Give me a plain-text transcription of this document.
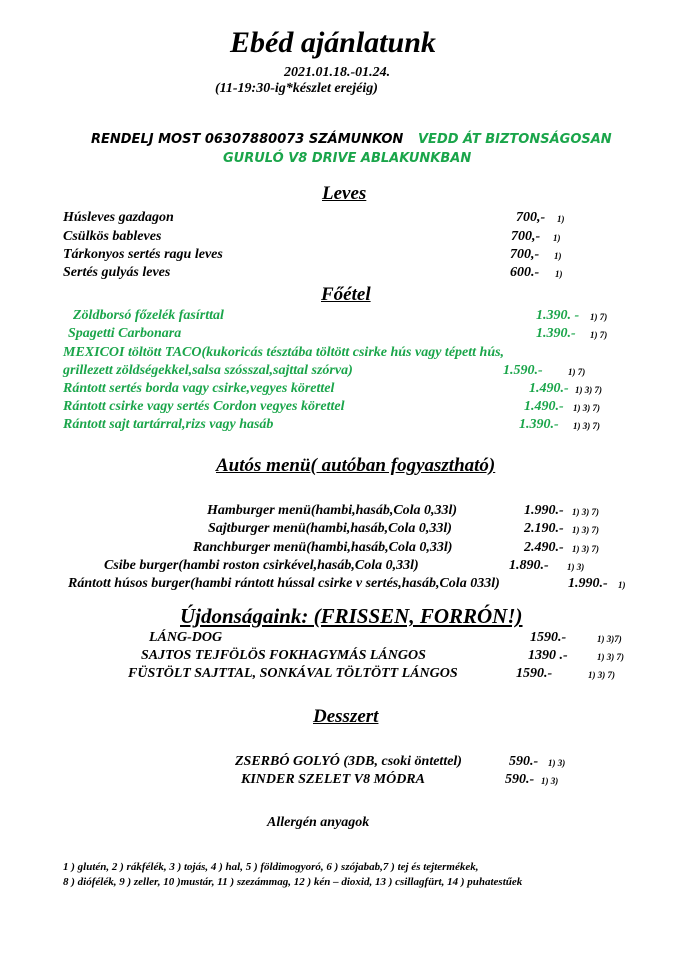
Ebéd ajánlatunk
2021.01.18.-01.24.
(11-19:30-ig*készlet erejéig)
RENDELJ MOST 06307880073 SZÁMUNKON VEDD ÁT BIZTONSÁGOSAN
GURULÓ V8 DRIVE ABLAKUNKBAN
Leves
Húsleves gazdagon	700,- 1)
Csülkös bableves	700,- 1)
Tárkonyos sertés ragu leves	700,- 1)
Sertés gulyás leves	600.- 1)
Főétel
Zöldborsó főzelék fasírttal	1.390. - 1) 7)
Spagetti Carbonara	1.390.- 1) 7)
MEXICOI töltött TACO(kukoricás tésztába töltött csirke hús vagy tépett hús,
grillezett zöldségekkel,salsa szósszal,sajttal szórva)	1.590.-	1) 7)
Rántott sertés borda vagy csirke,vegyes körettel	1.490.- 1) 3) 7)
Rántott csirke vagy sertés Cordon vegyes körettel	1.490.- 1) 3) 7)
Rántott sajt tartárral,rizs vagy hasáb	1.390.- 1) 3) 7)
Autós menü( autóban fogyasztható)
Hamburger menü(hambi,hasáb,Cola 0,33l)	1.990.- 1) 3) 7)
Sajtburger menü(hambi,hasáb,Cola 0,33l)	2.190.- 1) 3) 7)
Ranchburger menü(hambi,hasáb,Cola 0,33l)	2.490.- 1) 3) 7)
Csibe burger(hambi roston csirkével,hasáb,Cola 0,33l)	1.890.- 1) 3)
Rántott húsos burger(hambi rántott hússal csirke v sertés,hasáb,Cola 033l)	1.990.- 1)
Újdonságaink: (FRISSEN, FORRÓN!)
LÁNG-DOG	1590.-	1) 3)7)
SAJTOS TEJFÖLÖS FOKHAGYMÁS LÁNGOS	1390 .-	1) 3) 7)
FÜSTÖLT SAJTTAL, SONKÁVAL TÖLTÖTT LÁNGOS	1590.-	1) 3) 7)
Desszert
ZSERBÓ GOLYÓ (3DB, csoki öntettel)	590.- 1) 3)
KINDER SZELET V8 MÓDRA	590.- 1) 3)
Allergén anyagok
1 ) glutén, 2 ) rákfélék, 3 ) tojás, 4 ) hal, 5 ) földimogyoró, 6 ) szójabab,7 ) tej és tejtermékek,
8 ) diófélék, 9 ) zeller, 10 )mustár, 11 ) szezámmag, 12 ) kén – dioxid, 13 ) csillagfürt, 14 ) puhatestűek
